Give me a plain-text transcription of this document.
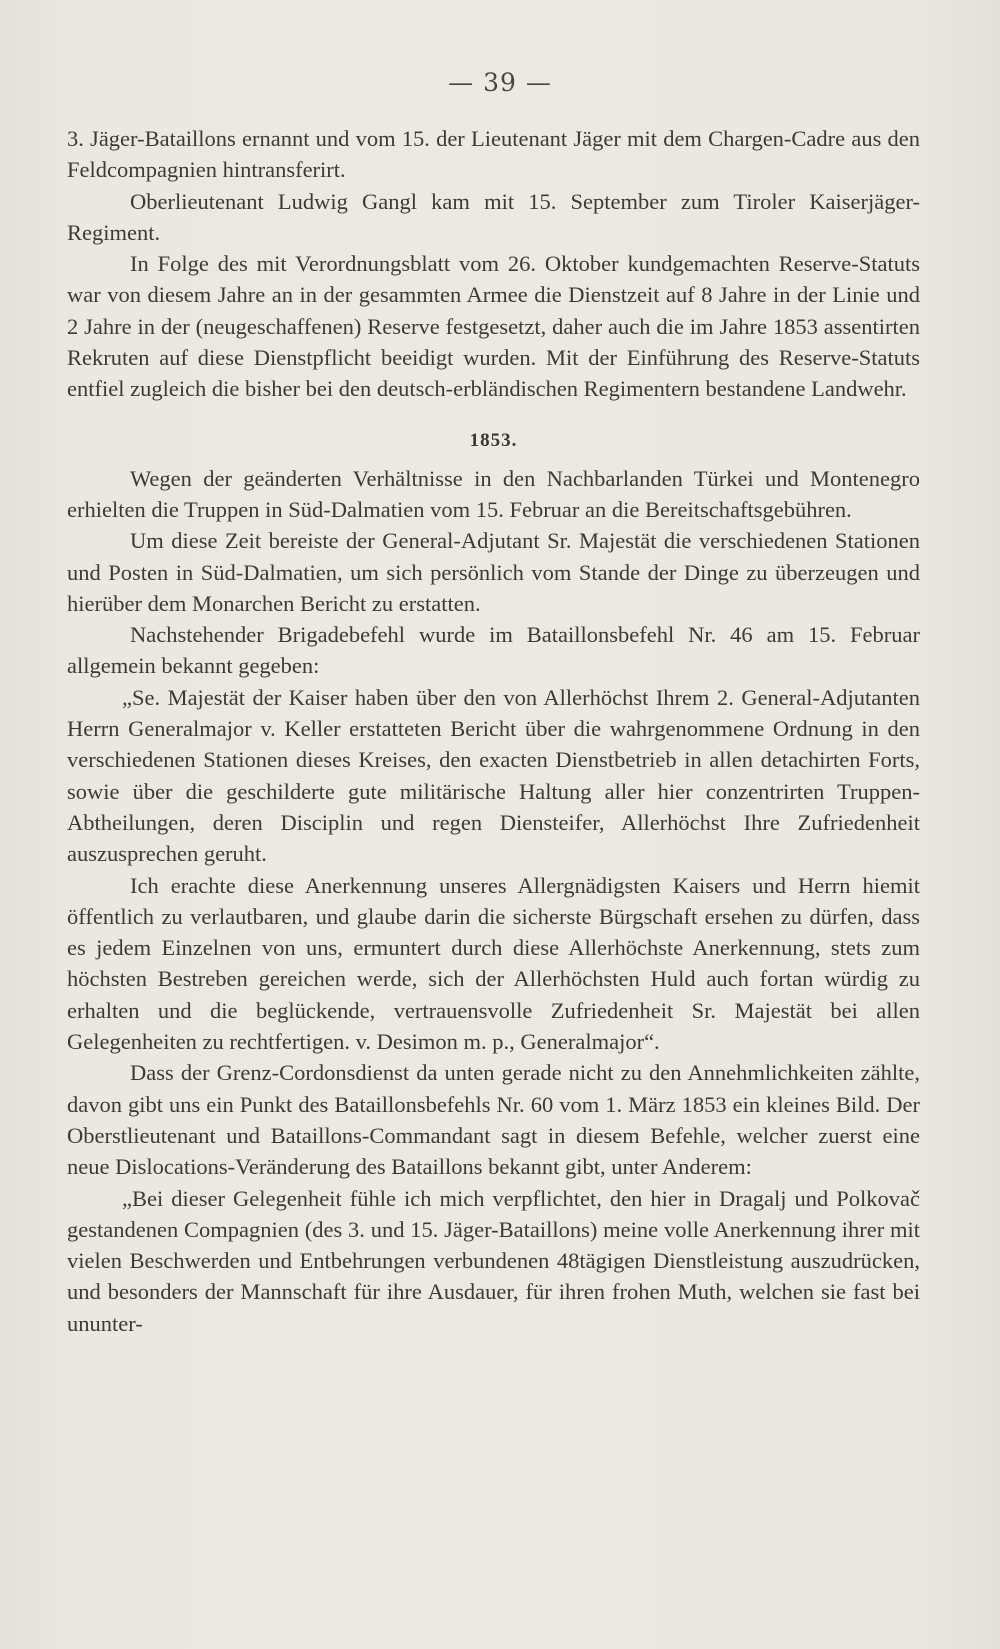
— 39 —

3. Jäger-Bataillons ernannt und vom 15. der Lieutenant Jäger mit dem Chargen-Cadre aus den Feldcompagnien hintransferirt.

Oberlieutenant Ludwig Gangl kam mit 15. September zum Tiroler Kaiserjäger-Regiment.

In Folge des mit Verordnungsblatt vom 26. Oktober kundgemachten Reserve-Statuts war von diesem Jahre an in der gesammten Armee die Dienstzeit auf 8 Jahre in der Linie und 2 Jahre in der (neugeschaffenen) Reserve festgesetzt, daher auch die im Jahre 1853 assentirten Rekruten auf diese Dienstpflicht beeidigt wurden. Mit der Einführung des Reserve-Statuts entfiel zugleich die bisher bei den deutsch-erbländischen Regimentern bestandene Landwehr.

1853.

Wegen der geänderten Verhältnisse in den Nachbarlanden Türkei und Montenegro erhielten die Truppen in Süd-Dalmatien vom 15. Februar an die Bereitschaftsgebühren.

Um diese Zeit bereiste der General-Adjutant Sr. Majestät die verschiedenen Stationen und Posten in Süd-Dalmatien, um sich persönlich vom Stande der Dinge zu überzeugen und hierüber dem Monarchen Bericht zu erstatten.

Nachstehender Brigadebefehl wurde im Bataillonsbefehl Nr. 46 am 15. Februar allgemein bekannt gegeben:

„Se. Majestät der Kaiser haben über den von Allerhöchst Ihrem 2. General-Adjutanten Herrn Generalmajor v. Keller erstatteten Bericht über die wahrgenommene Ordnung in den verschiedenen Stationen dieses Kreises, den exacten Dienstbetrieb in allen detachirten Forts, sowie über die geschilderte gute militärische Haltung aller hier conzentrirten Truppen-Abtheilungen, deren Disciplin und regen Diensteifer, Allerhöchst Ihre Zufriedenheit auszusprechen geruht.

Ich erachte diese Anerkennung unseres Allergnädigsten Kaisers und Herrn hiemit öffentlich zu verlautbaren, und glaube darin die sicherste Bürgschaft ersehen zu dürfen, dass es jedem Einzelnen von uns, ermuntert durch diese Allerhöchste Anerkennung, stets zum höchsten Bestreben gereichen werde, sich der Allerhöchsten Huld auch fortan würdig zu erhalten und die beglückende, vertrauensvolle Zufriedenheit Sr. Majestät bei allen Gelegenheiten zu rechtfertigen. v. Desimon m. p., Generalmajor“.

Dass der Grenz-Cordonsdienst da unten gerade nicht zu den Annehmlichkeiten zählte, davon gibt uns ein Punkt des Bataillonsbefehls Nr. 60 vom 1. März 1853 ein kleines Bild. Der Oberstlieutenant und Bataillons-Commandant sagt in diesem Befehle, welcher zuerst eine neue Dislocations-Veränderung des Bataillons bekannt gibt, unter Anderem:

„Bei dieser Gelegenheit fühle ich mich verpflichtet, den hier in Dragalj und Polkovač gestandenen Compagnien (des 3. und 15. Jäger-Bataillons) meine volle Anerkennung ihrer mit vielen Beschwerden und Entbehrungen verbundenen 48tägigen Dienstleistung auszudrücken, und besonders der Mannschaft für ihre Ausdauer, für ihren frohen Muth, welchen sie fast bei ununter-
